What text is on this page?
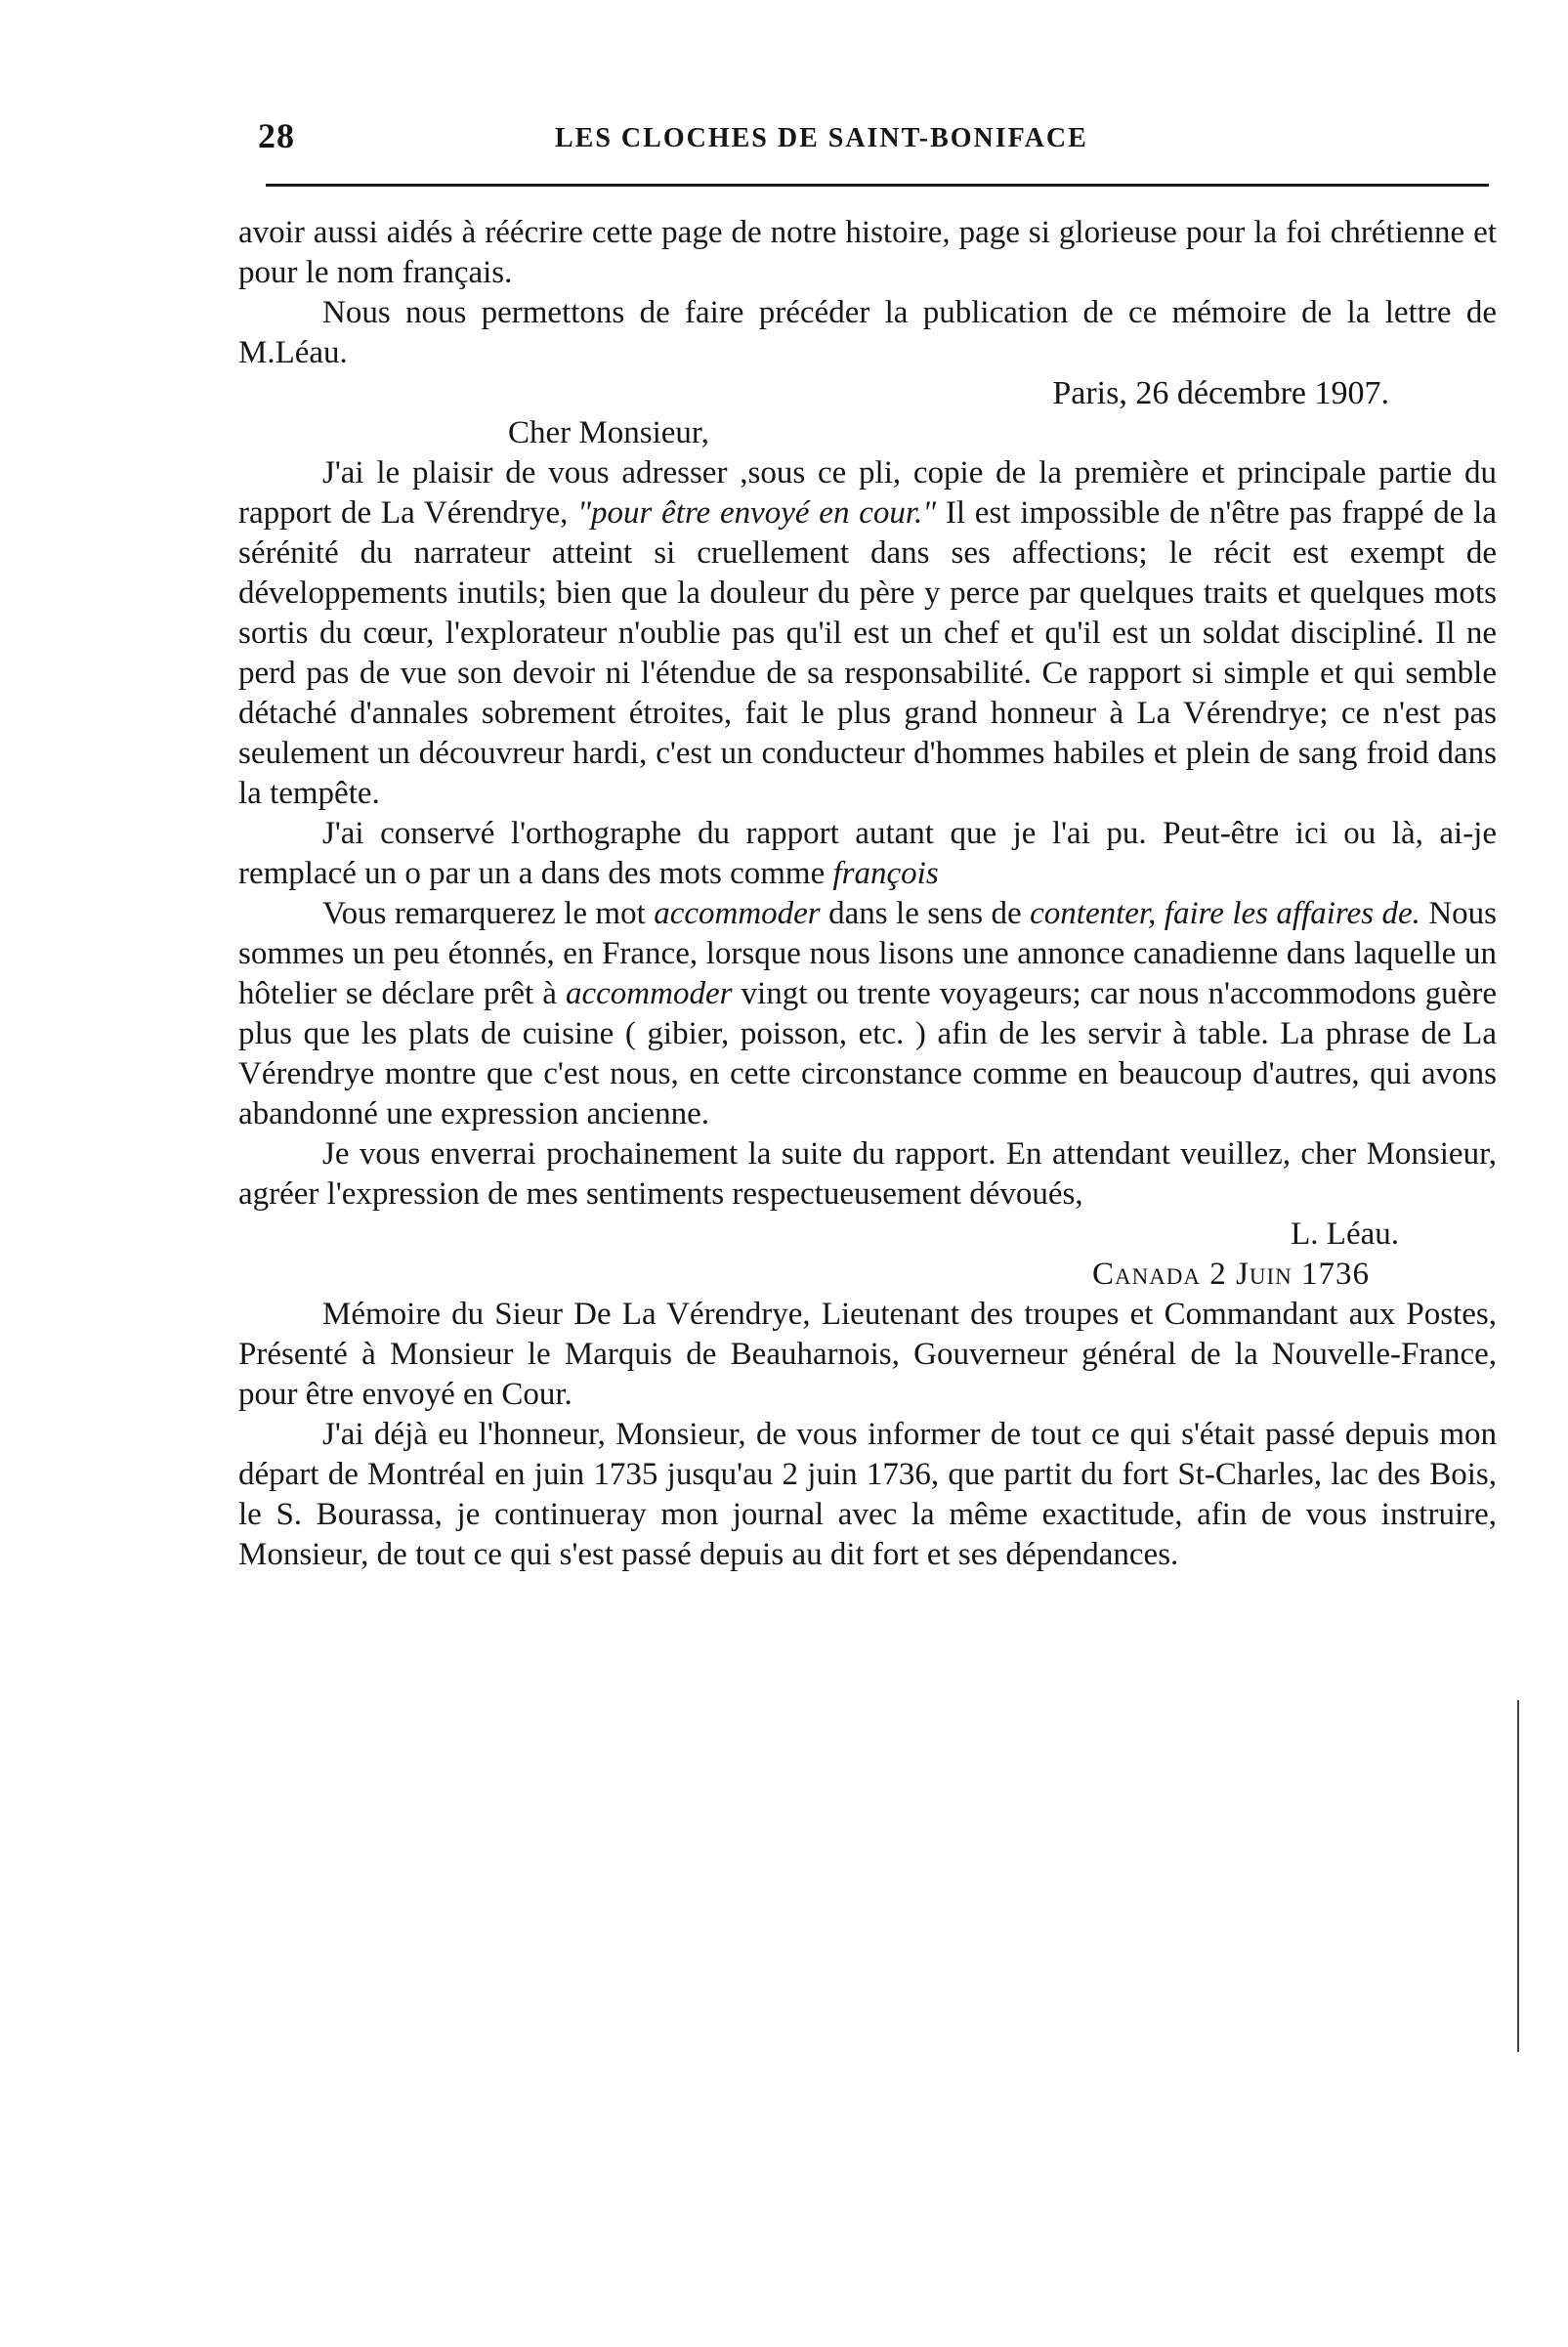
28	LES CLOCHES DE SAINT-BONIFACE

avoir aussi aidés à réécrire cette page de notre histoire, page si glorieuse pour la foi chrétienne et pour le nom français.

Nous nous permettons de faire précéder la publication de ce mémoire de la lettre de M.Léau.

Paris, 26 décembre 1907.

Cher Monsieur,

J'ai le plaisir de vous adresser ,sous ce pli, copie de la première et principale partie du rapport de La Vérendrye, "pour être envoyé en cour." Il est impossible de n'être pas frappé de la sérénité du narrateur atteint si cruellement dans ses affections; le récit est exempt de développements inutils; bien que la douleur du père y perce par quelques traits et quelques mots sortis du cœur, l'explorateur n'oublie pas qu'il est un chef et qu'il est un soldat discipliné. Il ne perd pas de vue son devoir ni l'étendue de sa responsabilité. Ce rapport si simple et qui semble détaché d'annales sobrement étroites, fait le plus grand honneur à La Vérendrye; ce n'est pas seulement un découvreur hardi, c'est un conducteur d'hommes habiles et plein de sang froid dans la tempête.

J'ai conservé l'orthographe du rapport autant que je l'ai pu. Peut-être ici ou là, ai-je remplacé un o par un a dans des mots comme françois

Vous remarquerez le mot accommoder dans le sens de contenter, faire les affaires de. Nous sommes un peu étonnés, en France, lorsque nous lisons une annonce canadienne dans laquelle un hôtelier se déclare prêt à accommoder vingt ou trente voyageurs; car nous n'accommodons guère plus que les plats de cuisine ( gibier, poisson, etc. ) afin de les servir à table. La phrase de La Vérendrye montre que c'est nous, en cette circonstance comme en beaucoup d'autres, qui avons abandonné une expression ancienne.

Je vous enverrai prochainement la suite du rapport. En attendant veuillez, cher Monsieur, agréer l'expression de mes sentiments respectueusement dévoués,

L. Léau.

Canada 2 Juin 1736

Mémoire du Sieur De La Vérendrye, Lieutenant des troupes et Commandant aux Postes, Présenté à Monsieur le Marquis de Beauharnois, Gouverneur général de la Nouvelle-France, pour être envoyé en Cour.

J'ai déjà eu l'honneur, Monsieur, de vous informer de tout ce qui s'était passé depuis mon départ de Montréal en juin 1735 jusqu'au 2 juin 1736, que partit du fort St-Charles, lac des Bois, le S. Bourassa, je continueray mon journal avec la même exactitude, afin de vous instruire, Monsieur, de tout ce qui s'est passé depuis au dit fort et ses dépendances.
